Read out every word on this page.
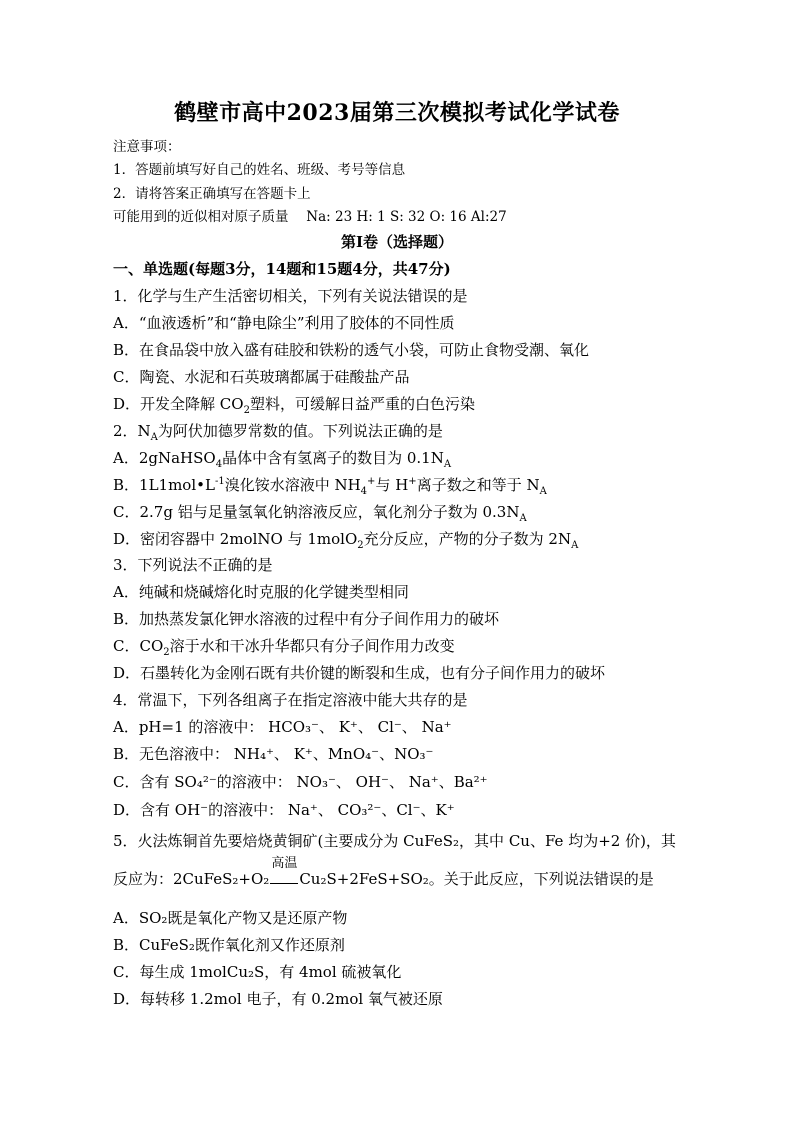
鹤壁市高中2023届第三次模拟考试化学试卷
注意事项：
1．答题前填写好自己的姓名、班级、考号等信息
2．请将答案正确填写在答题卡上
可能用到的近似相对原子质量　 Na: 23 H: 1 S: 32 O: 16 Al:27
第Ⅰ卷（选择题）
一、单选题(每题3分，14题和15题4分，共47分)
1．化学与生产生活密切相关，下列有关说法错误的是
A．“血液透析”和“静电除尘”利用了胶体的不同性质
B．在食品袋中放入盛有硅胶和铁粉的透气小袋，可防止食物受潮、氧化
C．陶瓷、水泥和石英玻璃都属于硅酸盐产品
D．开发全降解 $CO_2$塑料，可缓解日益严重的白色污染
2．$N_A$为阿伏加德罗常数的值。下列说法正确的是
A．2gNaHSO$_4$晶体中含有氢离子的数目为 $0.1N_A$
B．$1L1mol•L^{-1}$溴化铵水溶液中 $NH_4^+$与 H+离子数之和等于 $N_A$
C．2.7g 铝与足量氢氧化钠溶液反应，氧化剂分子数为 $0.3N_A$
D．密闭容器中 2molNO 与 1molO$_2$充分反应，产物的分子数为 $2N_A$
3．下列说法不正确的是
A．纯碱和烧碱熔化时克服的化学键类型相同
B．加热蒸发氯化钾水溶液的过程中有分子间作用力的破坏
C．$CO_2$溶于水和干冰升华都只有分子间作用力改变
D．石墨转化为金刚石既有共价键的断裂和生成，也有分子间作用力的破坏
4．常温下，下列各组离子在指定溶液中能大共存的是
A．pH=1 的溶液中： HCO₃⁻、 K⁺、 Cl⁻、 Na⁺
B．无色溶液中： NH₄⁺、 K⁺、MnO₄⁻、NO₃⁻
C．含有 SO₄²⁻的溶液中： NO₃⁻、 OH⁻、 Na⁺、Ba²⁺
D．含有 OH⁻的溶液中： Na⁺、 CO₃²⁻、Cl⁻、K⁺
5．火法炼铜首先要焙烧黄铜矿(主要成分为 CuFeS₂，其中 Cu、Fe 均为+2 价)，其
反应为：2CuFeS₂+O₂
高温
Cu₂S+2FeS+SO₂。关于此反应，下列说法错误的是
A．SO₂既是氧化产物又是还原产物
B．CuFeS₂既作氧化剂又作还原剂
C．每生成 1molCu₂S，有 4mol 硫被氧化
D．每转移 1.2mol 电子，有 0.2mol 氧气被还原
